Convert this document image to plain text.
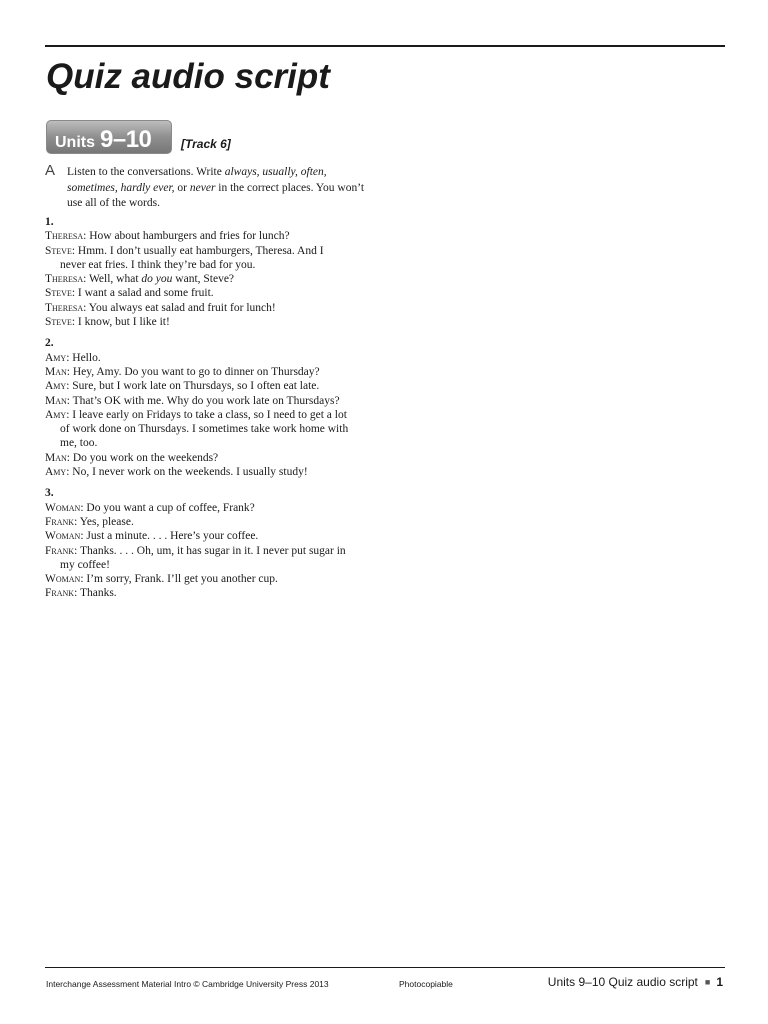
Quiz audio script
Units 9–10 [Track 6]
A Listen to the conversations. Write always, usually, often, sometimes, hardly ever, or never in the correct places. You won’t use all of the words.

1.

Theresa: How about hamburgers and fries for lunch?

Steve: Hmm. I don’t usually eat hamburgers, Theresa. And I
never eat fries. I think they’re bad for you.

Theresa: Well, what do you want, Steve?

Steve: I want a salad and some fruit.

Theresa: You always eat salad and fruit for lunch!

Steve: I know, but I like it!

2.

Amy: Hello.

Man: Hey, Amy. Do you want to go to dinner on Thursday?

Amy: Sure, but I work late on Thursdays, so I often eat late.

Man: That’s OK with me. Why do you work late on Thursdays?

Amy: I leave early on Fridays to take a class, so I need to get a lot
of work done on Thursdays. I sometimes take work home with
me, too.

Man: Do you work on the weekends?

Amy: No, I never work on the weekends. I usually study!

3.

Woman: Do you want a cup of coffee, Frank?

Frank: Yes, please.

Woman: Just a minute. . . . Here’s your coffee.

Frank: Thanks. . . . Oh, um, it has sugar in it. I never put sugar in
my coffee!

Woman: I’m sorry, Frank. I’ll get you another cup.

Frank: Thanks.

Interchange Assessment Material Intro © Cambridge University Press 2013	Photocopiable	Units 9–10 Quiz audio script ■ 1
